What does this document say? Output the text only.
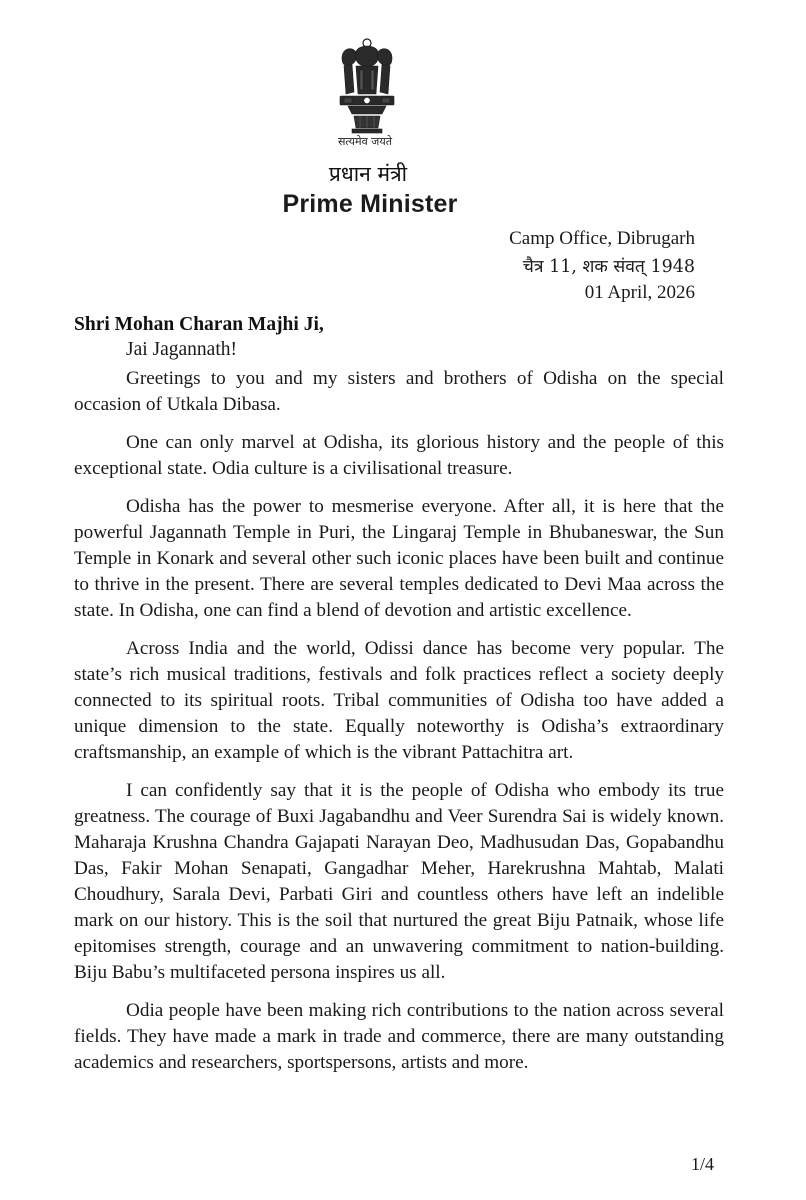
सत्यमेव जयते
प्रधान मंत्री
Prime Minister
Camp Office, Dibrugarh
चैत्र 11, शक संवत् 1948
01 April, 2026
Shri Mohan Charan Majhi Ji,
Jai Jagannath!

Greetings to you and my sisters and brothers of Odisha on the special occasion of Utkala Dibasa.

One can only marvel at Odisha, its glorious history and the people of this exceptional state. Odia culture is a civilisational treasure.

Odisha has the power to mesmerise everyone. After all, it is here that the powerful Jagannath Temple in Puri, the Lingaraj Temple in Bhubaneswar, the Sun Temple in Konark and several other such iconic places have been built and continue to thrive in the present. There are several temples dedicated to Devi Maa across the state. In Odisha, one can find a blend of devotion and artistic excellence.

Across India and the world, Odissi dance has become very popular. The state’s rich musical traditions, festivals and folk practices reflect a society deeply connected to its spiritual roots. Tribal communities of Odisha too have added a unique dimension to the state. Equally noteworthy is Odisha’s extraordinary craftsmanship, an example of which is the vibrant Pattachitra art.

I can confidently say that it is the people of Odisha who embody its true greatness. The courage of Buxi Jagabandhu and Veer Surendra Sai is widely known. Maharaja Krushna Chandra Gajapati Narayan Deo, Madhusudan Das, Gopabandhu Das, Fakir Mohan Senapati, Gangadhar Meher, Harekrushna Mahtab, Malati Choudhury, Sarala Devi, Parbati Giri and countless others have left an indelible mark on our history. This is the soil that nurtured the great Biju Patnaik, whose life epitomises strength, courage and an unwavering commitment to nation-building. Biju Babu’s multifaceted persona inspires us all.

Odia people have been making rich contributions to the nation across several fields. They have made a mark in trade and commerce, there are many outstanding academics and researchers, sportspersons, artists and more.

1/4
